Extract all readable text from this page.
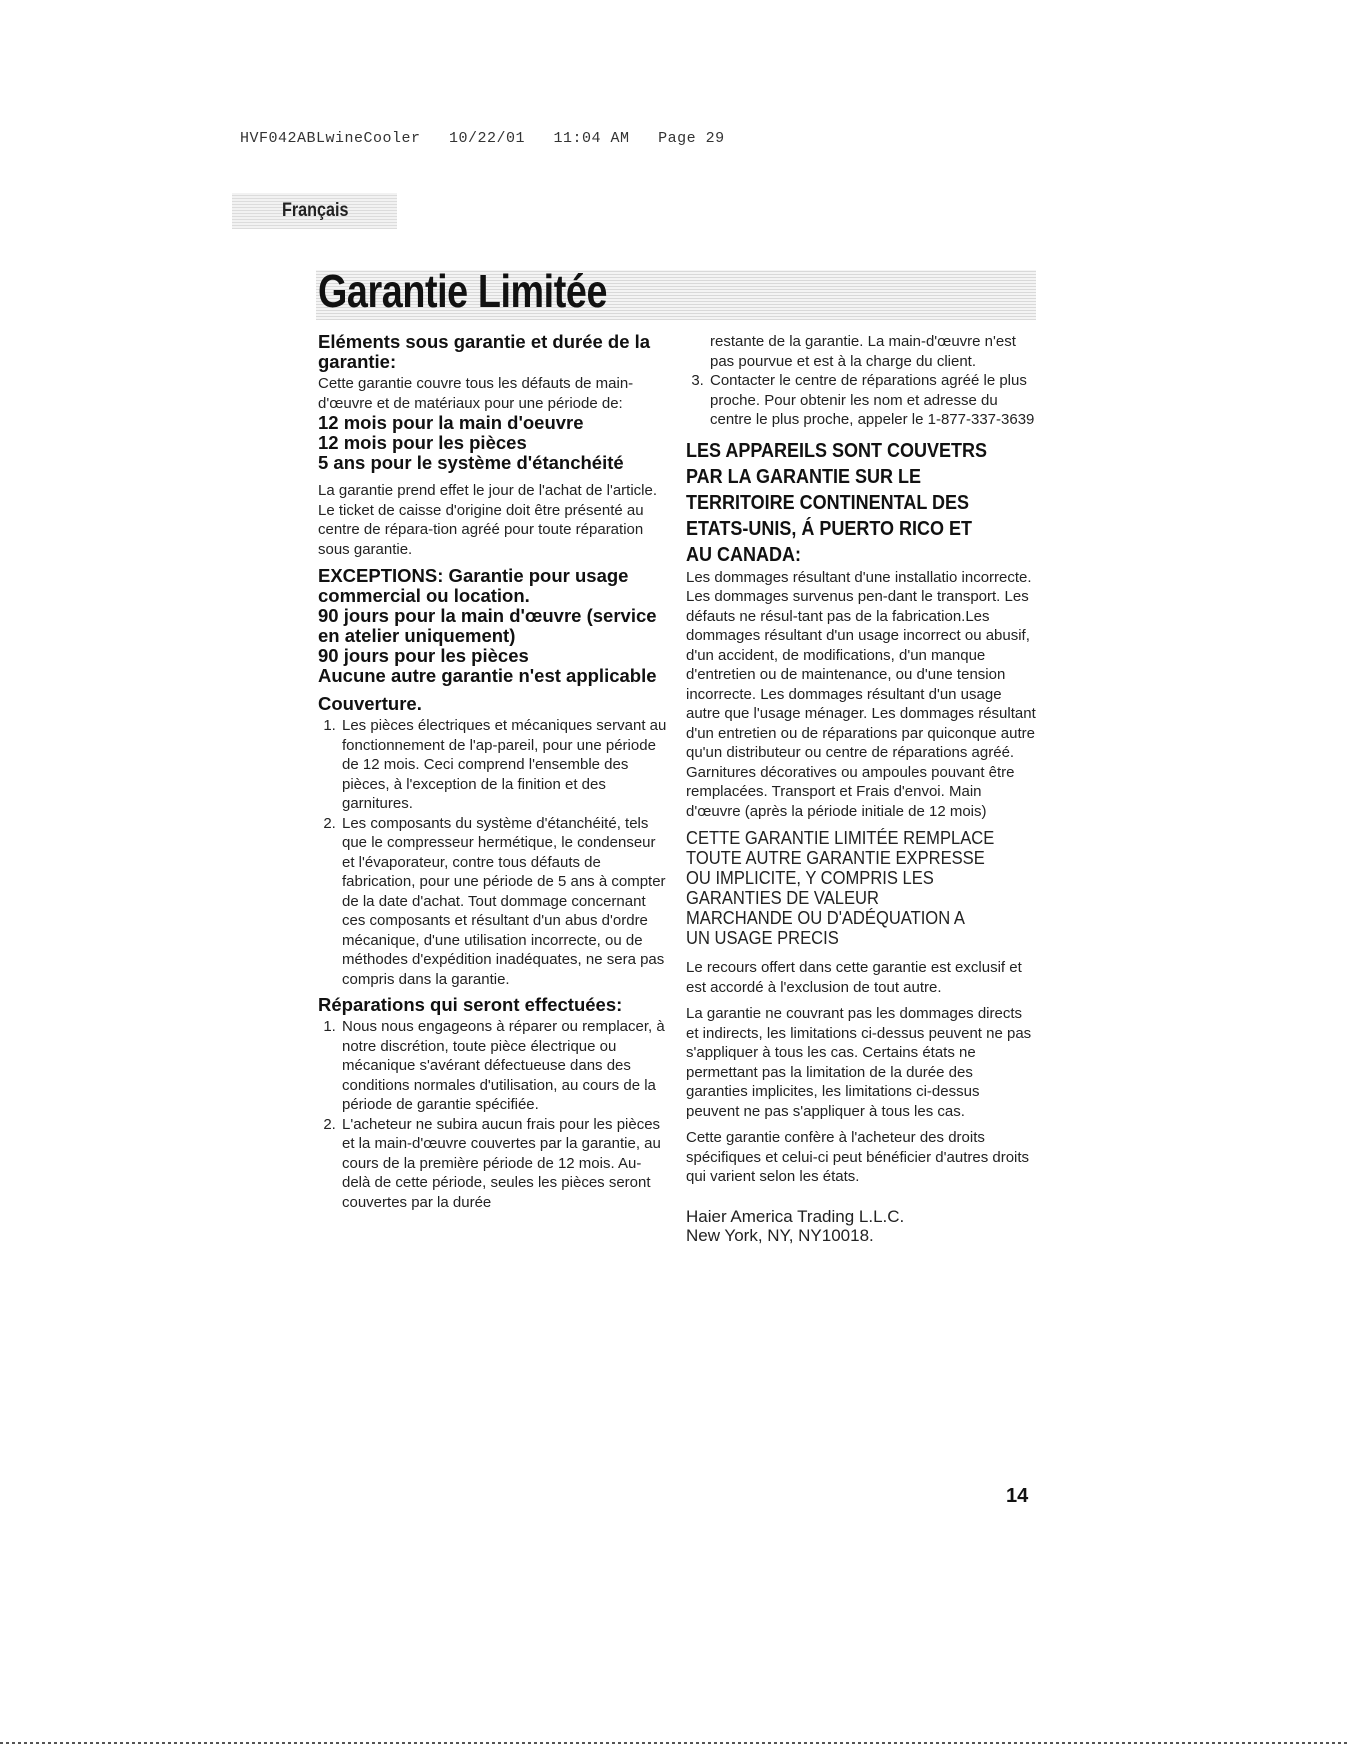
HVF042ABLwineCooler   10/22/01   11:04 AM   Page 29
Français
Garantie Limitée
Eléments sous garantie et durée de la garantie:
Cette garantie couvre tous les défauts de main-d'œuvre et de matériaux pour une période de:
12 mois pour la main d'oeuvre
12 mois pour les pièces
5 ans pour le système d'étanchéité
La garantie prend effet le jour de l'achat de l'article. Le ticket de caisse d'origine doit être présenté au centre de répara-tion agréé pour toute réparation sous garantie.
EXCEPTIONS: Garantie pour usage commercial ou location.
90 jours pour la main d'œuvre (service en atelier uniquement)
90 jours pour les pièces
Aucune autre garantie n'est applicable
Couverture.
1. Les pièces électriques et mécaniques servant au fonctionnement de l'ap-pareil, pour une période de 12 mois. Ceci comprend l'ensemble des pièces, à l'exception de la finition et des garnitures.
2. Les composants du système d'étanchéité, tels que le compresseur hermétique, le condenseur et l'évaporateur, contre tous défauts de fabrication, pour une période de 5 ans à compter de la date d'achat. Tout dommage concernant ces composants et résultant d'un abus d'ordre mécanique, d'une utilisation incorrecte, ou de méthodes d'expédition inadéquates, ne sera pas compris dans la garantie.
Réparations qui seront effectuées:
1. Nous nous engageons à réparer ou remplacer, à notre discrétion, toute pièce électrique ou mécanique s'avérant défectueuse dans des conditions normales d'utilisation, au cours de la période de garantie spécifiée.
2. L'acheteur ne subira aucun frais pour les pièces et la main-d'œuvre couvertes par la garantie, au cours de la première période de 12 mois. Au-delà de cette période, seules les pièces seront couvertes par la durée
restante de la garantie. La main-d'œuvre n'est pas pourvue et est à la charge du client.
3. Contacter le centre de réparations agréé le plus proche. Pour obtenir les nom et adresse du centre le plus proche, appeler le 1-877-337-3639
LES APPAREILS SONT COUVETRS
PAR LA GARANTIE SUR LE
TERRITOIRE CONTINENTAL DES
ETATS-UNIS, Á PUERTO RICO ET
AU CANADA:
Les dommages résultant d'une installatio incorrecte. Les dommages survenus pen-dant le transport. Les défauts ne résul-tant pas de la fabrication.Les dommages résultant d'un usage incorrect ou abusif, d'un accident, de modifications, d'un manque d'entretien ou de maintenance, ou d'une tension incorrecte. Les dommages résultant d'un usage autre que l'usage ménager. Les dommages résultant d'un entretien ou de réparations par quiconque autre qu'un distributeur ou centre de réparations agréé. Garnitures décoratives ou ampoules pouvant être remplacées. Transport et Frais d'envoi. Main d'œuvre (après la période initiale de 12 mois)
CETTE GARANTIE LIMITÉE REMPLACE
TOUTE AUTRE GARANTIE EXPRESSE
OU IMPLICITE, Y COMPRIS LES
GARANTIES DE VALEUR
MARCHANDE OU D'ADÉQUATION A
UN USAGE PRECIS
Le recours offert dans cette garantie est exclusif et est accordé à l'exclusion de tout autre.
La garantie ne couvrant pas les dommages directs et indirects, les limitations ci-dessus peuvent ne pas s'appliquer à tous les cas. Certains états ne permettant pas la limitation de la durée des garanties implicites, les limitations ci-dessus peuvent ne pas s'appliquer à tous les cas.
Cette garantie confère à l'acheteur des droits spécifiques et celui-ci peut bénéficier d'autres droits qui varient selon les états.
Haier America Trading L.L.C.
New York, NY, NY10018.
14
